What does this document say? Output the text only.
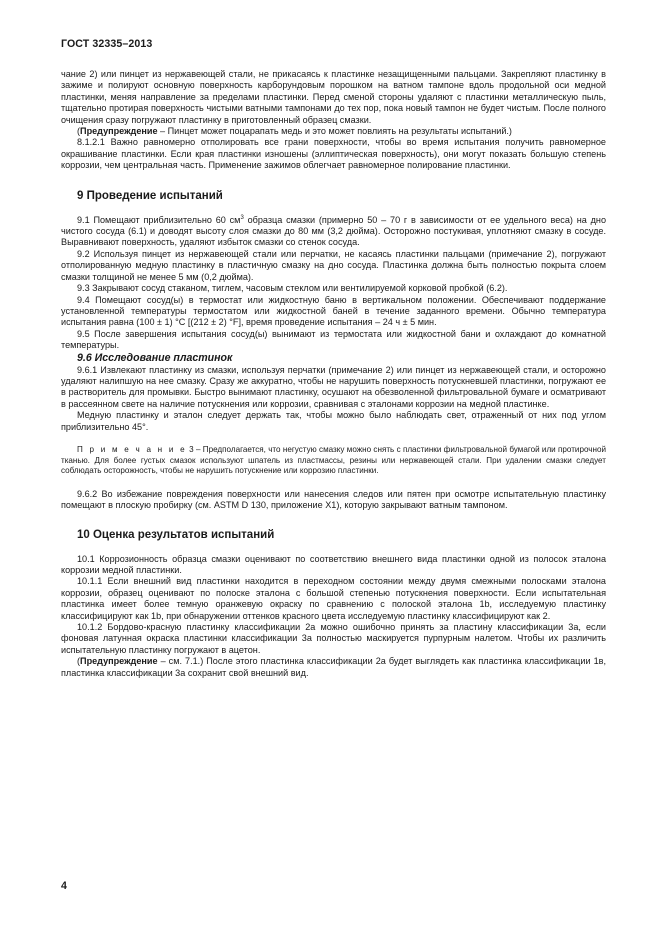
ГОСТ 32335–2013

чание 2) или пинцет из нержавеющей стали, не прикасаясь к пластинке незащищенными пальцами. Закрепляют пластинку в зажиме и полируют основную поверхность карборундовым порошком на ватном тампоне вдоль продольной оси медной пластинки, меняя направление за пределами пластинки. Перед сменой стороны удаляют с пластинки металлическую пыль, тщательно протирая поверхность чистыми ватными тампонами до тех пор, пока новый тампон не будет чистым. После полного очищения сразу погружают пластинку в приготовленный образец смазки.

(Предупреждение – Пинцет может поцарапать медь и это может повлиять на результаты испытаний.)

8.1.2.1 Важно равномерно отполировать все грани поверхности, чтобы во время испытания получить равномерное окрашивание пластинки. Если края пластинки изношены (эллиптическая поверхность), они могут показать большую степень коррозии, чем центральная часть. Применение зажимов облегчает равномерное полирование пластинки.

9 Проведение испытаний

9.1 Помещают приблизительно 60 $см^3$ образца смазки (примерно 50 – 70 г в зависимости от ее удельного веса) на дно чистого сосуда (6.1) и доводят высоту слоя смазки до 80 мм (3,2 дюйма). Осторожно постукивая, уплотняют смазку в сосуде. Выравнивают поверхность, удаляют избыток смазки со стенок сосуда.

9.2 Используя пинцет из нержавеющей стали или перчатки, не касаясь пластинки пальцами (примечание 2), погружают отполированную медную пластинку в пластичную смазку на дно сосуда. Пластинка должна быть полностью покрыта слоем смазки толщиной не менее 5 мм (0,2 дюйма).

9.3 Закрывают сосуд стаканом, тиглем, часовым стеклом или вентилируемой корковой пробкой (6.2).

9.4 Помещают сосуд(ы) в термостат или жидкостную баню в вертикальном положении. Обеспечивают поддержание установленной температуры термостатом или жидкостной баней в течение заданного времени. Обычно температура испытания равна (100 ± 1) °С [(212 ± 2) °F], время проведение испытания – 24 ч ± 5 мин.

9.5 После завершения испытания сосуд(ы) вынимают из термостата или жидкостной бани и охлаждают до комнатной температуры.

9.6 Исследование пластинок

9.6.1 Извлекают пластинку из смазки, используя перчатки (примечание 2) или пинцет из нержавеющей стали, и осторожно удаляют налипшую на нее смазку. Сразу же аккуратно, чтобы не нарушить поверхность потускневшей пластинки, погружают ее в растворитель для промывки. Быстро вынимают пластинку, осушают на обезволенной фильтровальной бумаге и осматривают в рассеянном свете на наличие потускнения или коррозии, сравнивая с эталонами коррозии на медной пластинке.

Медную пластинку и эталон следует держать так, чтобы можно было наблюдать свет, отраженный от них под углом приблизительно 45°.

П р и м е ч а н и е 3 – Предполагается, что негустую смазку можно снять с пластинки фильтровальной бумагой или протирочной тканью. Для более густых смазок используют шпатель из пластмассы, резины или нержавеющей стали. При удалении смазки следует соблюдать осторожность, чтобы не нарушить потускнение или коррозию пластинки.

9.6.2 Во избежание повреждения поверхности или нанесения следов или пятен при осмотре испытательную пластинку помещают в плоскую пробирку (см. ASTM D 130, приложение X1), которую закрывают ватным тампоном.

10 Оценка результатов испытаний

10.1 Коррозионность образца смазки оценивают по соответствию внешнего вида пластинки одной из полосок эталона коррозии медной пластинки.

10.1.1 Если внешний вид пластинки находится в переходном состоянии между двумя смежными полосками эталона коррозии, образец оценивают по полоске эталона с большой степенью потускнения поверхности. Если испытательная пластинка имеет более темную оранжевую окраску по сравнению с полоской эталона 1b, исследуемую пластинку классифицируют как 1b, при обнаружении оттенков красного цвета исследуемую пластинку классифицируют как 2.

10.1.2 Бордово-красную пластинку классификации 2а можно ошибочно принять за пластину классификации 3а, если фоновая латунная окраска пластинки классификации 3а полностью маскируется пурпурным налетом. Чтобы их различить испытательную пластинку погружают в ацетон.

(Предупреждение – см. 7.1.) После этого пластинка классификации 2а будет выглядеть как пластинка классификации 1в, пластинка классификации 3а сохранит свой внешний вид.

4
